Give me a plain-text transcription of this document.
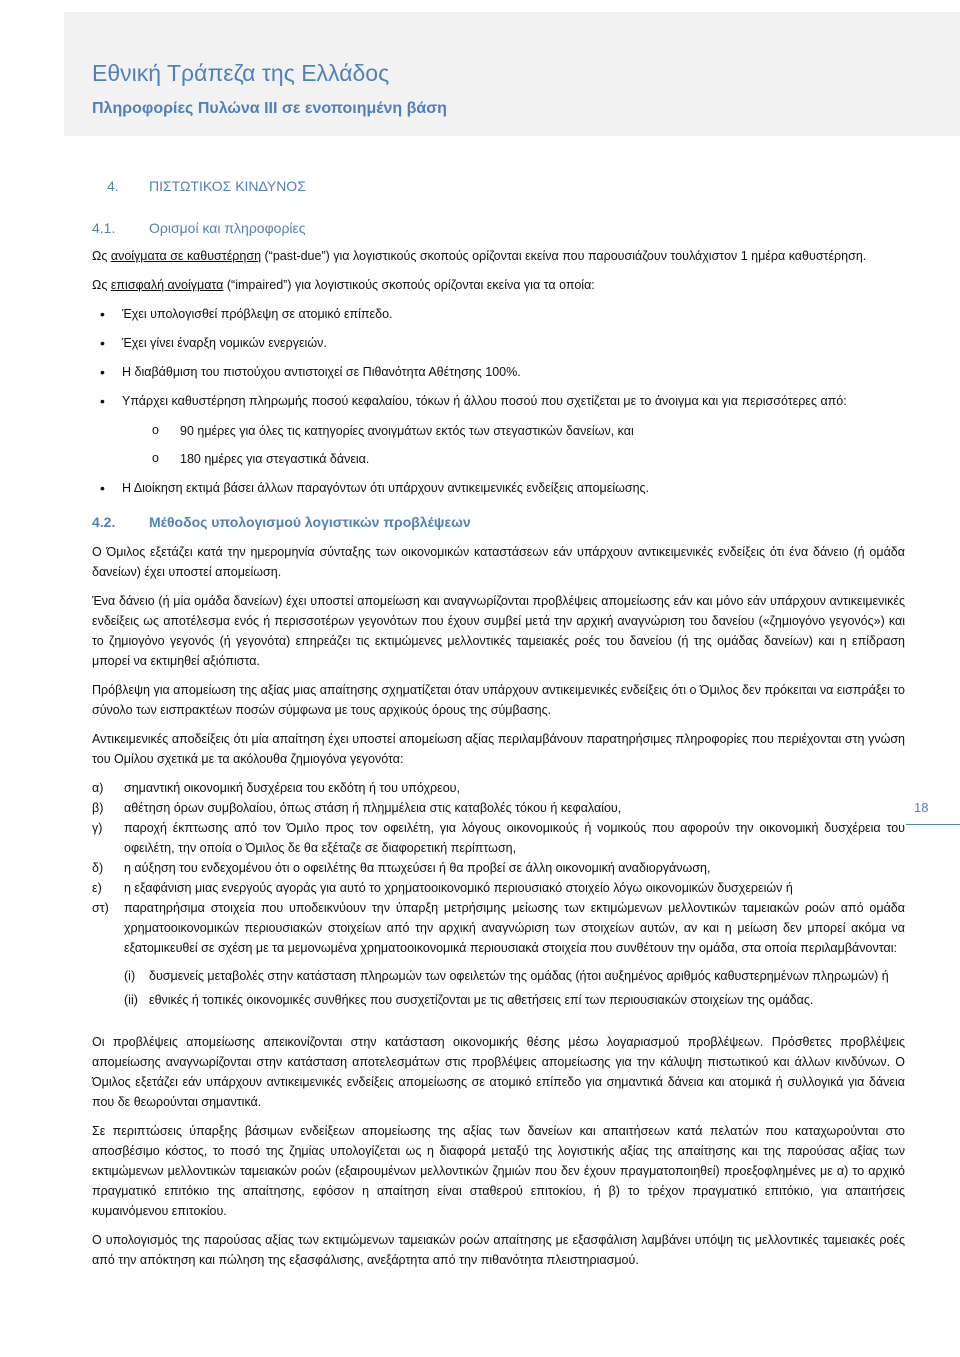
Εθνική Τράπεζα της Ελλάδος
Πληροφορίες Πυλώνα ΙΙΙ σε ενοποιημένη βάση
4. ΠΙΣΤΩΤΙΚΟΣ ΚΙΝΔΥΝΟΣ
4.1. Ορισμοί και πληροφορίες

Ως ανοίγματα σε καθυστέρηση (“past-due”) για λογιστικούς σκοπούς ορίζονται εκείνα που παρουσιάζουν τουλάχιστον 1 ημέρα καθυστέρηση.

Ως επισφαλή ανοίγματα (“impaired”) για λογιστικούς σκοπούς ορίζονται εκείνα για τα οποία:

• Έχει υπολογισθεί πρόβλεψη σε ατομικό επίπεδο.
• Έχει γίνει έναρξη νομικών ενεργειών.
• Η διαβάθμιση του πιστούχου αντιστοιχεί σε Πιθανότητα Αθέτησης 100%.
• Υπάρχει καθυστέρηση πληρωμής ποσού κεφαλαίου, τόκων ή άλλου ποσού που σχετίζεται με το άνοιγμα και για περισσότερες από:
o 90 ημέρες για όλες τις κατηγορίες ανοιγμάτων εκτός των στεγαστικών δανείων, και
o 180 ημέρες για στεγαστικά δάνεια.
• Η Διοίκηση εκτιμά βάσει άλλων παραγόντων ότι υπάρχουν αντικειμενικές ενδείξεις απομείωσης.
4.2. Μέθοδος υπολογισμού λογιστικών προβλέψεων

Ο Όμιλος εξετάζει κατά την ημερομηνία σύνταξης των οικονομικών καταστάσεων εάν υπάρχουν αντικειμενικές ενδείξεις ότι ένα δάνειο (ή ομάδα δανείων) έχει υποστεί απομείωση.

Ένα δάνειο (ή μία ομάδα δανείων) έχει υποστεί απομείωση και αναγνωρίζονται προβλέψεις απομείωσης εάν και μόνο εάν υπάρχουν αντικειμενικές ενδείξεις ως αποτέλεσμα ενός ή περισσοτέρων γεγονότων που έχουν συμβεί μετά την αρχική αναγνώριση του δανείου («ζημιογόνο γεγονός») και το ζημιογόνο γεγονός (ή γεγονότα) επηρεάζει τις εκτιμώμενες μελλοντικές ταμειακές ροές του δανείου (ή της ομάδας δανείων) και η επίδραση μπορεί να εκτιμηθεί αξιόπιστα.

Πρόβλεψη για απομείωση της αξίας μιας απαίτησης σχηματίζεται όταν υπάρχουν αντικειμενικές ενδείξεις ότι ο Όμιλος δεν πρόκειται να εισπράξει το σύνολο των εισπρακτέων ποσών σύμφωνα με τους αρχικούς όρους της σύμβασης.

Αντικειμενικές αποδείξεις ότι μία απαίτηση έχει υποστεί απομείωση αξίας περιλαμβάνουν παρατηρήσιμες πληροφορίες που περιέχονται στη γνώση του Ομίλου σχετικά με τα ακόλουθα ζημιογόνα γεγονότα:

α)	σημαντική οικονομική δυσχέρεια του εκδότη ή του υπόχρεου,
β)	αθέτηση όρων συμβολαίου, όπως στάση ή πλημμέλεια στις καταβολές τόκου ή κεφαλαίου,
γ)	παροχή έκπτωσης από τον Όμιλο προς τον οφειλέτη, για λόγους οικονομικούς ή νομικούς που αφορούν την οικονομική δυσχέρεια του οφειλέτη, την οποία ο Όμιλος δε θα εξέταζε σε διαφορετική περίπτωση,
δ)	η αύξηση του ενδεχομένου ότι ο οφειλέτης θα πτωχεύσει ή θα προβεί σε άλλη οικονομική αναδιοργάνωση,
ε)	η εξαφάνιση μιας ενεργούς αγοράς για αυτό το χρηματοοικονομικό περιουσιακό στοιχείο λόγω οικονομικών δυσχερειών ή
στ)	παρατηρήσιμα στοιχεία που υποδεικνύουν την ύπαρξη μετρήσιμης μείωσης των εκτιμώμενων μελλοντικών ταμειακών ροών από ομάδα χρηματοοικονομικών περιουσιακών στοιχείων από την αρχική αναγνώριση των στοιχείων αυτών, αν και η μείωση δεν μπορεί ακόμα να εξατομικευθεί σε σχέση με τα μεμονωμένα χρηματοοικονομικά περιουσιακά στοιχεία που συνθέτουν την ομάδα, στα οποία περιλαμβάνονται:
(i)	δυσμενείς μεταβολές στην κατάσταση πληρωμών των οφειλετών της ομάδας (ήτοι αυξημένος αριθμός καθυστερημένων πληρωμών) ή
(ii) εθνικές ή τοπικές οικονομικές συνθήκες που συσχετίζονται με τις αθετήσεις επί των περιουσιακών στοιχείων της ομάδας.

Οι προβλέψεις απομείωσης απεικονίζονται στην κατάσταση οικονομικής θέσης μέσω λογαριασμού προβλέψεων. Πρόσθετες προβλέψεις απομείωσης αναγνωρίζονται στην κατάσταση αποτελεσμάτων στις προβλέψεις απομείωσης για την κάλυψη πιστωτικού και άλλων κινδύνων. Ο Όμιλος εξετάζει εάν υπάρχουν αντικειμενικές ενδείξεις απομείωσης σε ατομικό επίπεδο για σημαντικά δάνεια και ατομικά ή συλλογικά για δάνεια που δε θεωρούνται σημαντικά.

Σε περιπτώσεις ύπαρξης βάσιμων ενδείξεων απομείωσης της αξίας των δανείων και απαιτήσεων κατά πελατών που καταχωρούνται στο αποσβέσιμο κόστος, το ποσό της ζημίας υπολογίζεται ως η διαφορά μεταξύ της λογιστικής αξίας της απαίτησης και της παρούσας αξίας των εκτιμώμενων μελλοντικών ταμειακών ροών (εξαιρουμένων μελλοντικών ζημιών που δεν έχουν πραγματοποιηθεί) προεξοφλημένες με α) το αρχικό πραγματικό επιτόκιο της απαίτησης, εφόσον η απαίτηση είναι σταθερού επιτοκίου, ή β) το τρέχον πραγματικό επιτόκιο, για απαιτήσεις κυμαινόμενου επιτοκίου.

Ο υπολογισμός της παρούσας αξίας των εκτιμώμενων ταμειακών ροών απαίτησης με εξασφάλιση λαμβάνει υπόψη τις μελλοντικές ταμειακές ροές από την απόκτηση και πώληση της εξασφάλισης, ανεξάρτητα από την πιθανότητα πλειστηριασμού.

18
